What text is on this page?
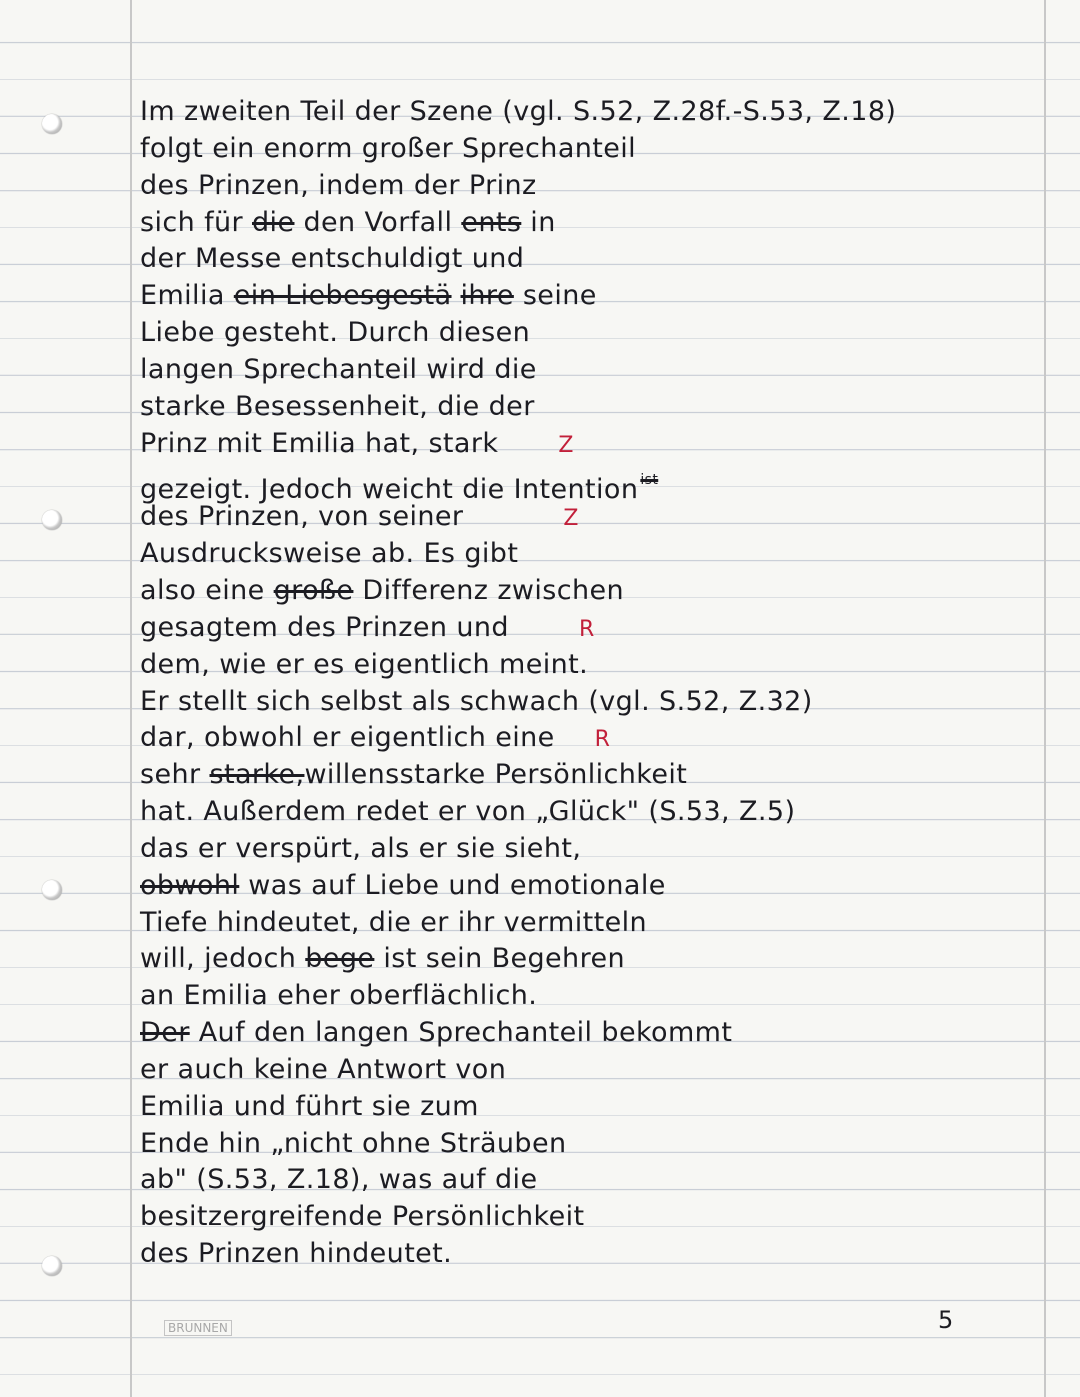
Im zweiten Teil der Szene (vgl. S.52, Z.28f.-S.53, Z.18)
folgt ein enorm großer Sprechanteil
des Prinzen, indem der Prinz
sich für die den Vorfall ents in
der Messe entschuldigt und
Emilia ein Liebesgestä ihre seine
Liebe gesteht. Durch diesen
langen Sprechanteil wird die
starke Besessenheit, die der
Prinz mit Emilia hat, stark	Z
gezeigt. Jedoch weicht die Intention $^{ist}$
des Prinzen, von seiner	Z
Ausdrucksweise ab. Es gibt
also eine große Differenz zwischen
gesagtem des Prinzen und	R
dem, wie er es eigentlich meint.
Er stellt sich selbst als schwach (vgl. S.52, Z.32)
dar, obwohl er eigentlich eine R
sehr starke,willensstarke Persönlichkeit
hat. Außerdem redet er von „Glück" (S.53, Z.5)
das er verspürt, als er sie sieht,
obwohl was auf Liebe und emotionale
Tiefe hindeutet, die er ihr vermitteln
will, jedoch bege ist sein Begehren
an Emilia eher oberflächlich.
Der Auf den langen Sprechanteil bekommt
er auch keine Antwort von
Emilia und führt sie zum
Ende hin „nicht ohne Sträuben
ab" (S.53, Z.18), was auf die
besitzergreifende Persönlichkeit
des Prinzen hindeutet.
BRUNNEN	5
